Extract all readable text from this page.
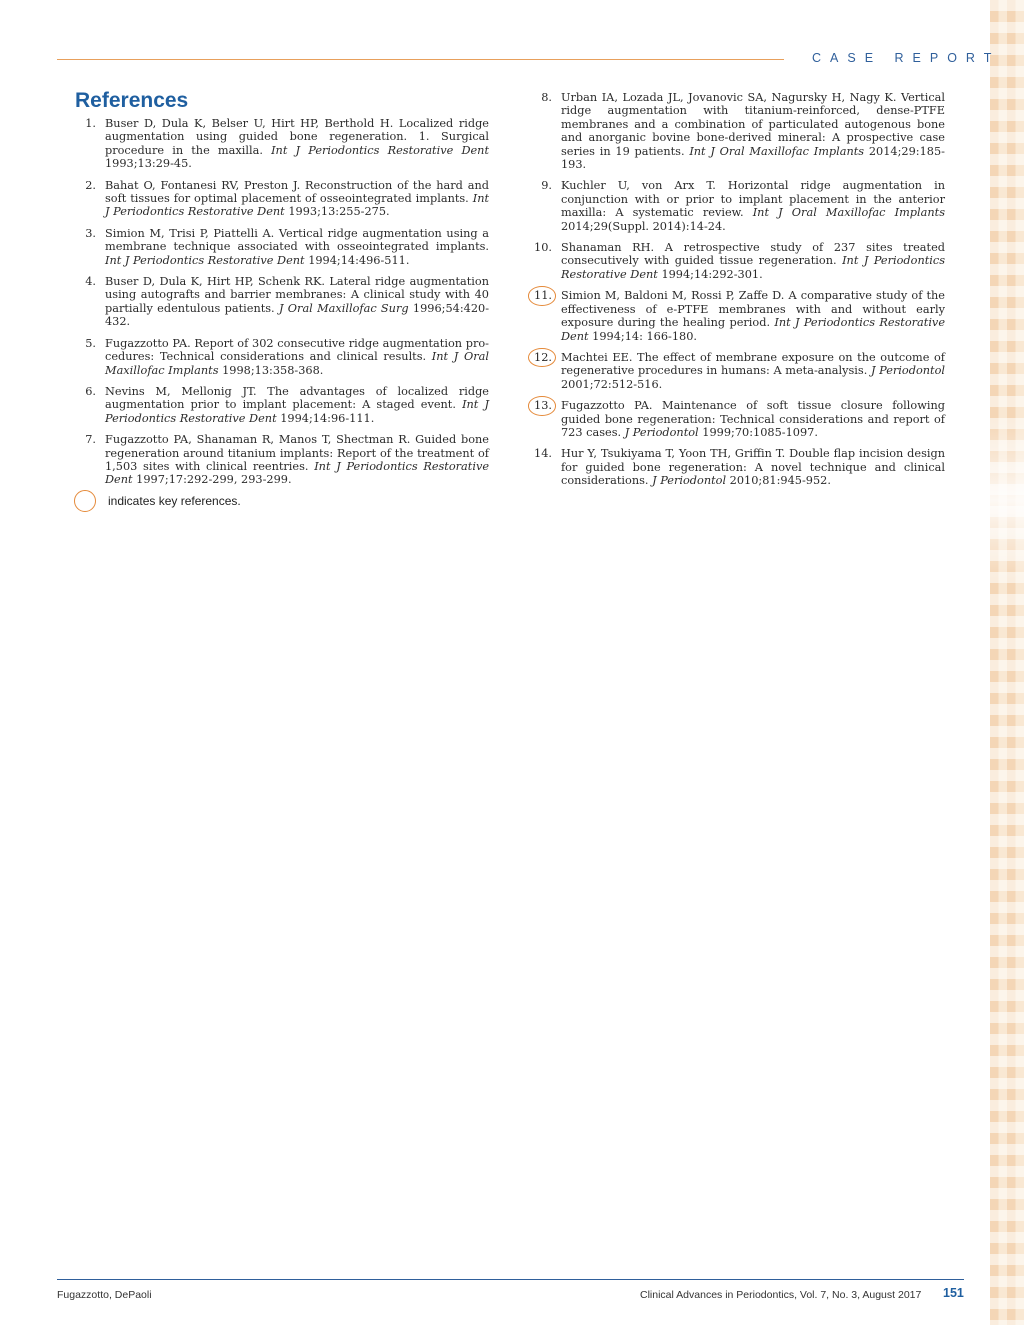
CASE REPORT
References
1. Buser D, Dula K, Belser U, Hirt HP, Berthold H. Localized ridge augmentation using guided bone regeneration. 1. Surgical procedure in the maxilla. Int J Periodontics Restorative Dent 1993;13:29-45.
2. Bahat O, Fontanesi RV, Preston J. Reconstruction of the hard and soft tissues for optimal placement of osseointegrated implants. Int J Periodontics Restorative Dent 1993;13:255-275.
3. Simion M, Trisi P, Piattelli A. Vertical ridge augmentation using a membrane technique associated with osseointegrated implants. Int J Periodontics Restorative Dent 1994;14:496-511.
4. Buser D, Dula K, Hirt HP, Schenk RK. Lateral ridge augmentation using autografts and barrier membranes: A clinical study with 40 partially edentulous patients. J Oral Maxillofac Surg 1996;54:420-432.
5. Fugazzotto PA. Report of 302 consecutive ridge augmentation procedures: Technical considerations and clinical results. Int J Oral Maxillofac Implants 1998;13:358-368.
6. Nevins M, Mellonig JT. The advantages of localized ridge augmentation prior to implant placement: A staged event. Int J Periodontics Restorative Dent 1994;14:96-111.
7. Fugazzotto PA, Shanaman R, Manos T, Shectman R. Guided bone regeneration around titanium implants: Report of the treatment of 1,503 sites with clinical reentries. Int J Periodontics Restorative Dent 1997;17:292-299, 293-299.
8. Urban IA, Lozada JL, Jovanovic SA, Nagursky H, Nagy K. Vertical ridge augmentation with titanium-reinforced, dense-PTFE membranes and a combination of particulated autogenous bone and anorganic bovine bone-derived mineral: A prospective case series in 19 patients. Int J Oral Maxillofac Implants 2014;29:185-193.
9. Kuchler U, von Arx T. Horizontal ridge augmentation in conjunction with or prior to implant placement in the anterior maxilla: A systematic review. Int J Oral Maxillofac Implants 2014;29(Suppl. 2014):14-24.
10. Shanaman RH. A retrospective study of 237 sites treated consecutively with guided tissue regeneration. Int J Periodontics Restorative Dent 1994;14:292-301.
11. Simion M, Baldoni M, Rossi P, Zaffe D. A comparative study of the effectiveness of e-PTFE membranes with and without early exposure during the healing period. Int J Periodontics Restorative Dent 1994;14: 166-180.
12. Machtei EE. The effect of membrane exposure on the outcome of regenerative procedures in humans: A meta-analysis. J Periodontol 2001;72:512-516.
13. Fugazzotto PA. Maintenance of soft tissue closure following guided bone regeneration: Technical considerations and report of 723 cases. J Periodontol 1999;70:1085-1097.
14. Hur Y, Tsukiyama T, Yoon TH, Griffin T. Double flap incision design for guided bone regeneration: A novel technique and clinical considerations. J Periodontol 2010;81:945-952.
indicates key references.
Fugazzotto, DePaoli	Clinical Advances in Periodontics, Vol. 7, No. 3, August 2017 151
